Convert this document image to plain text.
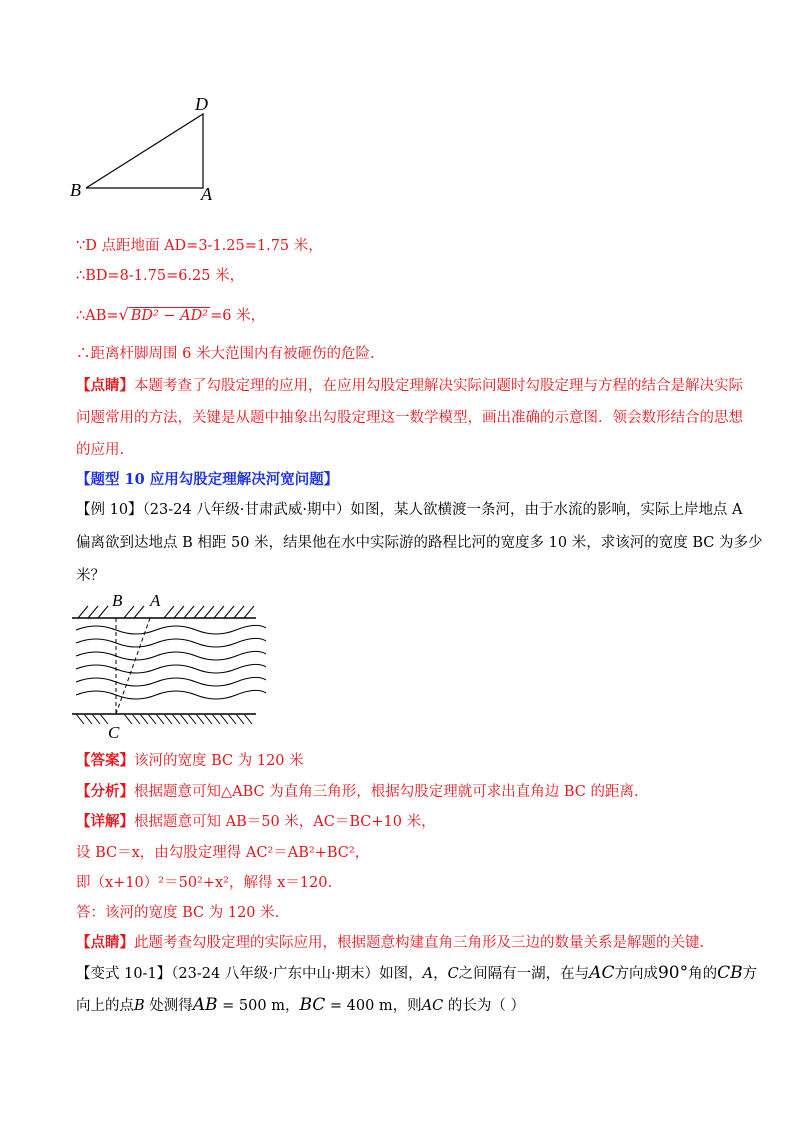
D
B	A
∵D 点距地面 AD=3-1.25=1.75 米，
∴BD=8-1.75=6.25 米，
∴AB=√ BD² − AD² =6 米，
∴距离杆脚周围 6 米大范围内有被砸伤的危险.
【点睛】本题考查了勾股定理的应用，在应用勾股定理解决实际问题时勾股定理与方程的结合是解决实际
问题常用的方法，关键是从题中抽象出勾股定理这一数学模型，画出准确的示意图．领会数形结合的思想
的应用.
【题型 10 应用勾股定理解决河宽问题】
【例 10】（23-24 八年级·甘肃武威·期中）如图，某人欲横渡一条河，由于水流的影响，实际上岸地点 A
偏离欲到达地点 B 相距 50 米，结果他在水中实际游的路程比河的宽度多 10 米，求该河的宽度 BC 为多少
米？
B A
C
【答案】该河的宽度 BC 为 120 米
【分析】根据题意可知△ABC 为直角三角形，根据勾股定理就可求出直角边 BC 的距离.
【详解】根据题意可知 AB＝50 米，AC＝BC+10 米，
设 BC＝x，由勾股定理得 AC²＝AB²+BC²，
即（x+10）²＝50²+x²，解得 x＝120.
答：该河的宽度 BC 为 120 米.
【点睛】此题考查勾股定理的实际应用，根据题意构建直角三角形及三边的数量关系是解题的关键.
【变式 10-1】（23-24 八年级·广东中山·期末）如图，A，C之间隔有一湖，在与AC方向成90°角的CB方
向上的点B 处测得AB = 500 m，BC = 400 m，则AC 的长为（ ）
